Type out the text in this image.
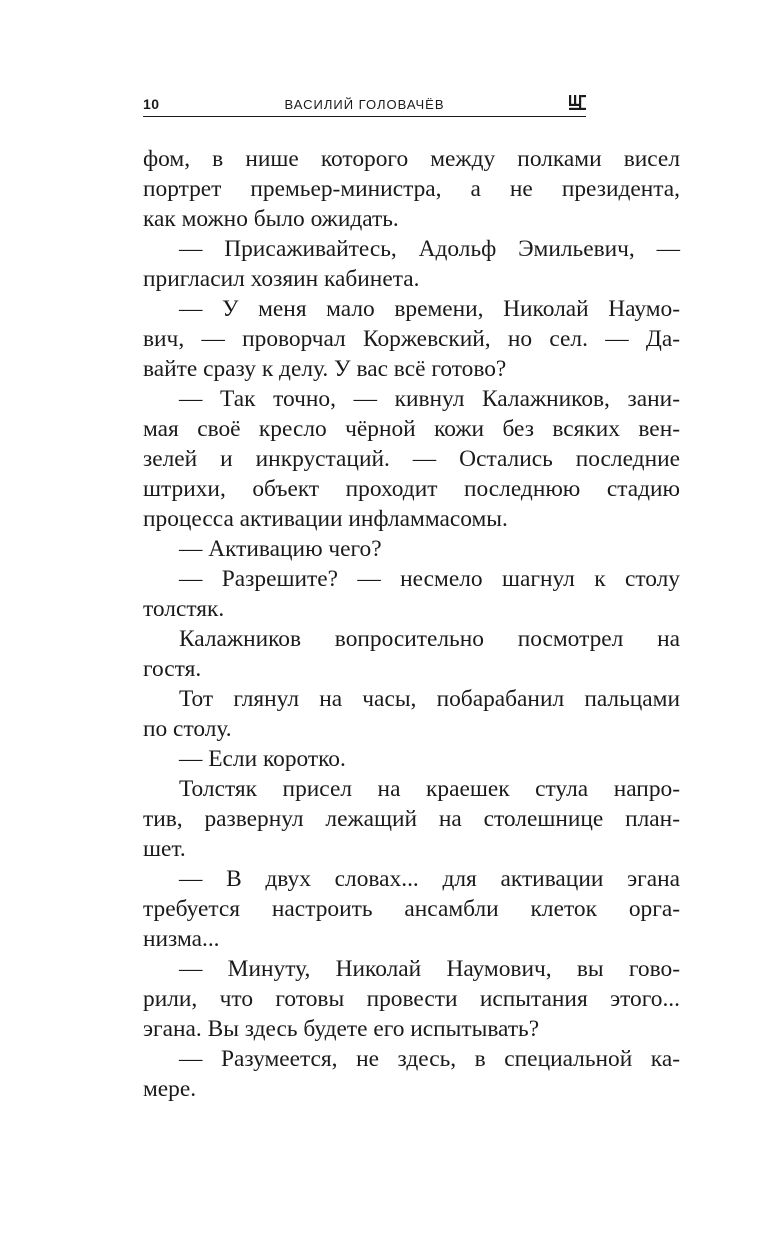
10	ВАСИЛИЙ ГОЛОВАЧЁВ
фом, в нише которого между полками висел
портрет премьер-министра, а не президента,
как можно было ожидать.
— Присаживайтесь, Адольф Эмильевич, —
пригласил хозяин кабинета.
— У меня мало времени, Николай Наумо-
вич, — проворчал Коржевский, но сел. — Да-
вайте сразу к делу. У вас всё готово?
— Так точно, — кивнул Калажников, зани-
мая своё кресло чёрной кожи без всяких вен-
зелей и инкрустаций. — Остались последние
штрихи, объект проходит последнюю стадию
процесса активации инфламмасомы.
— Активацию чего?
— Разрешите? — несмело шагнул к столу
толстяк.
Калажников вопросительно посмотрел на
гостя.
Тот глянул на часы, побарабанил пальцами
по столу.
— Если коротко.
Толстяк присел на краешек стула напро-
тив, развернул лежащий на столешнице план-
шет.
— В двух словах... для активации эгана
требуется настроить ансамбли клеток орга-
низма...
— Минуту, Николай Наумович, вы гово-
рили, что готовы провести испытания этого...
эгана. Вы здесь будете его испытывать?
— Разумеется, не здесь, в специальной ка-
мере.
